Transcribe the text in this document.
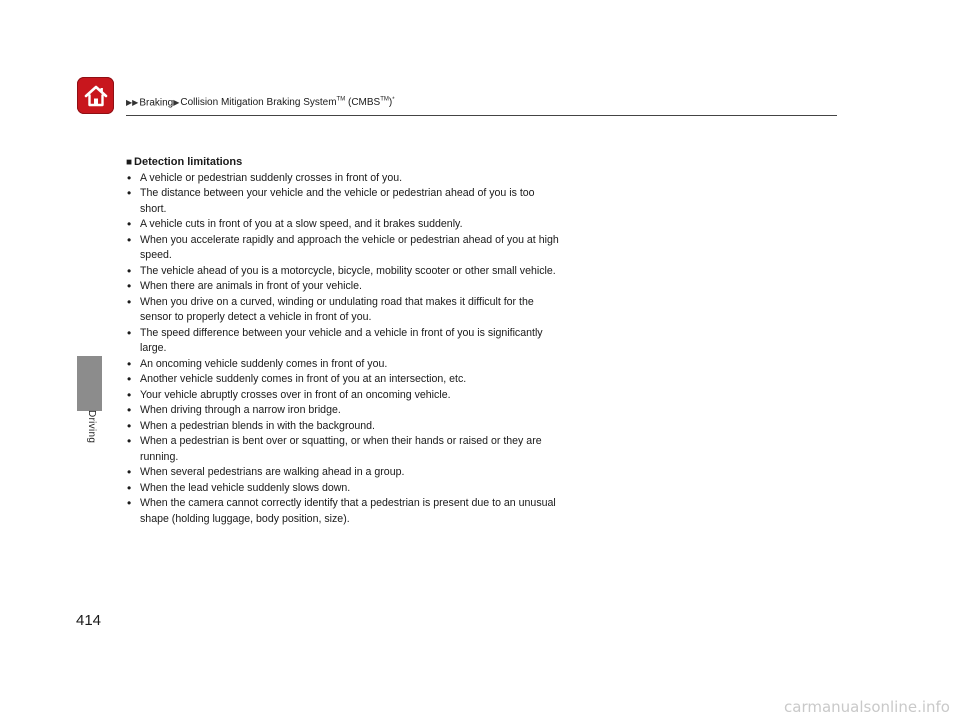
▶▶Braking▶Collision Mitigation Braking System™ (CMBS™)*
Driving

■ Detection limitations

• A vehicle or pedestrian suddenly crosses in front of you.
• The distance between your vehicle and the vehicle or pedestrian ahead of you is too short.
• A vehicle cuts in front of you at a slow speed, and it brakes suddenly.
• When you accelerate rapidly and approach the vehicle or pedestrian ahead of you at high speed.
• The vehicle ahead of you is a motorcycle, bicycle, mobility scooter or other small vehicle.
• When there are animals in front of your vehicle.
• When you drive on a curved, winding or undulating road that makes it difficult for the sensor to properly detect a vehicle in front of you.
• The speed difference between your vehicle and a vehicle in front of you is significantly large.
• An oncoming vehicle suddenly comes in front of you.
• Another vehicle suddenly comes in front of you at an intersection, etc.
• Your vehicle abruptly crosses over in front of an oncoming vehicle.
• When driving through a narrow iron bridge.
• When a pedestrian blends in with the background.
• When a pedestrian is bent over or squatting, or when their hands or raised or they are running.
• When several pedestrians are walking ahead in a group.
• When the lead vehicle suddenly slows down.
• When the camera cannot correctly identify that a pedestrian is present due to an unusual shape (holding luggage, body position, size).
414
carmanualsonline.info
